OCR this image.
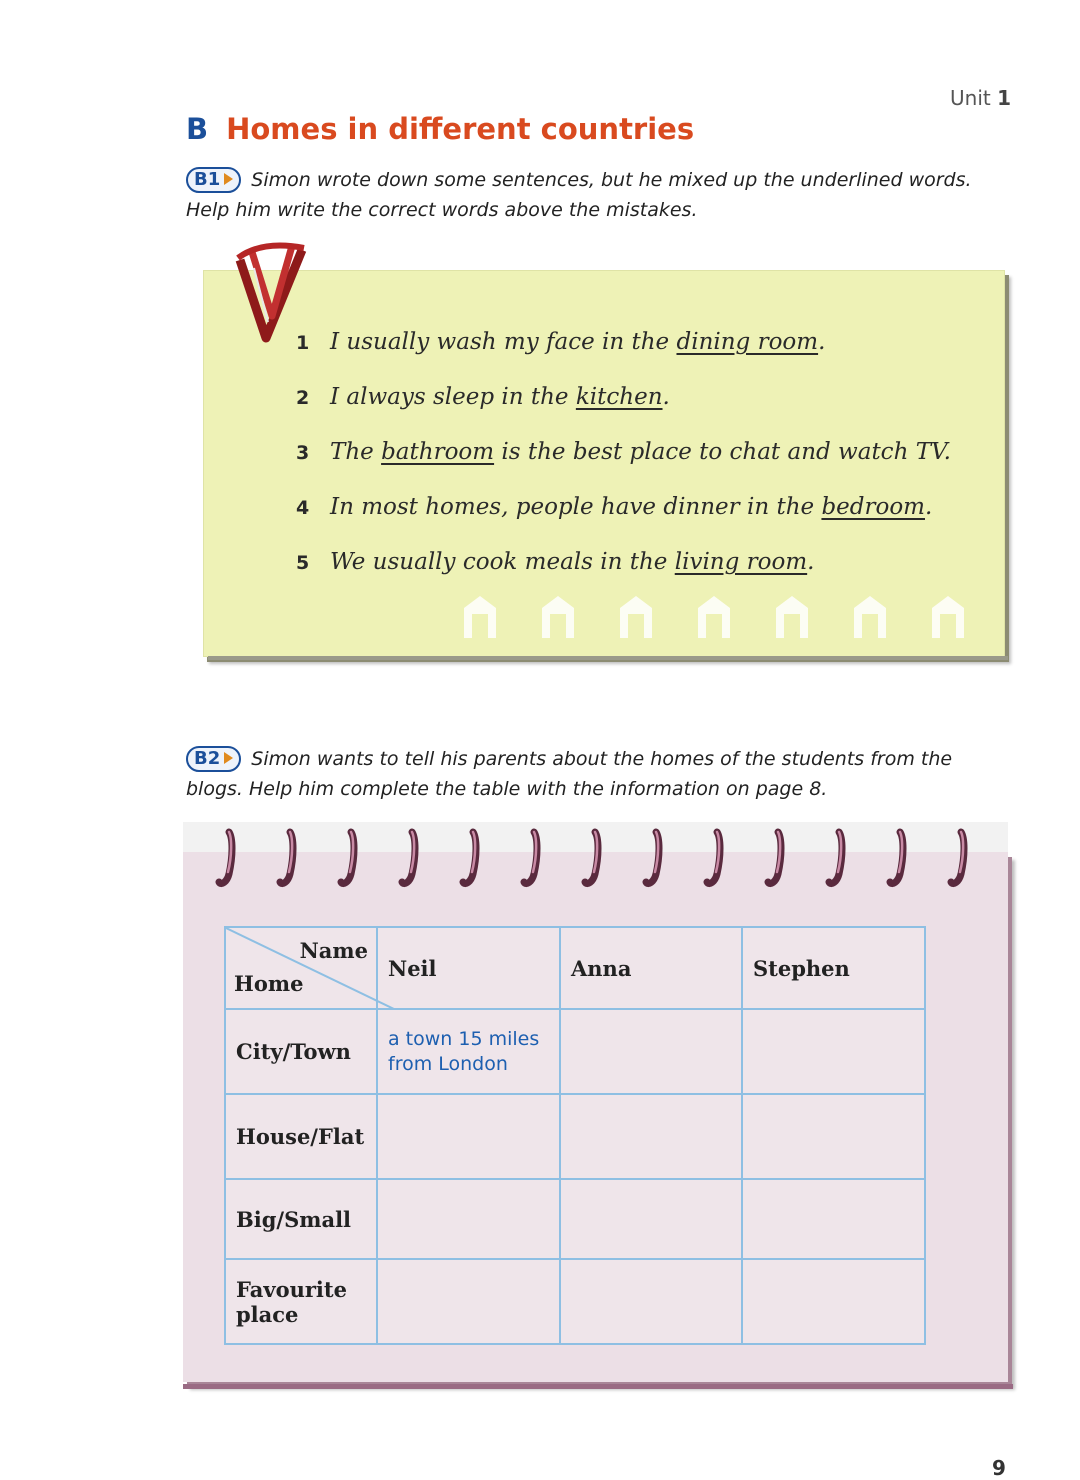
Unit 1
B Homes in different countries
B1 Simon wrote down some sentences, but he mixed up the underlined words. Help him write the correct words above the mistakes.
1 I usually wash my face in the dining room.
2 I always sleep in the kitchen.
3 The bathroom is the best place to chat and watch TV.
4 In most homes, people have dinner in the bedroom.
5 We usually cook meals in the living room.
B2 Simon wants to tell his parents about the homes of the students from the blogs. Help him complete the table with the information on page 8.
Name
Home	Neil	Anna	Stephen
City/Town	a town 15 miles from London		
House/Flat			
Big/Small			
Favourite place			
9
